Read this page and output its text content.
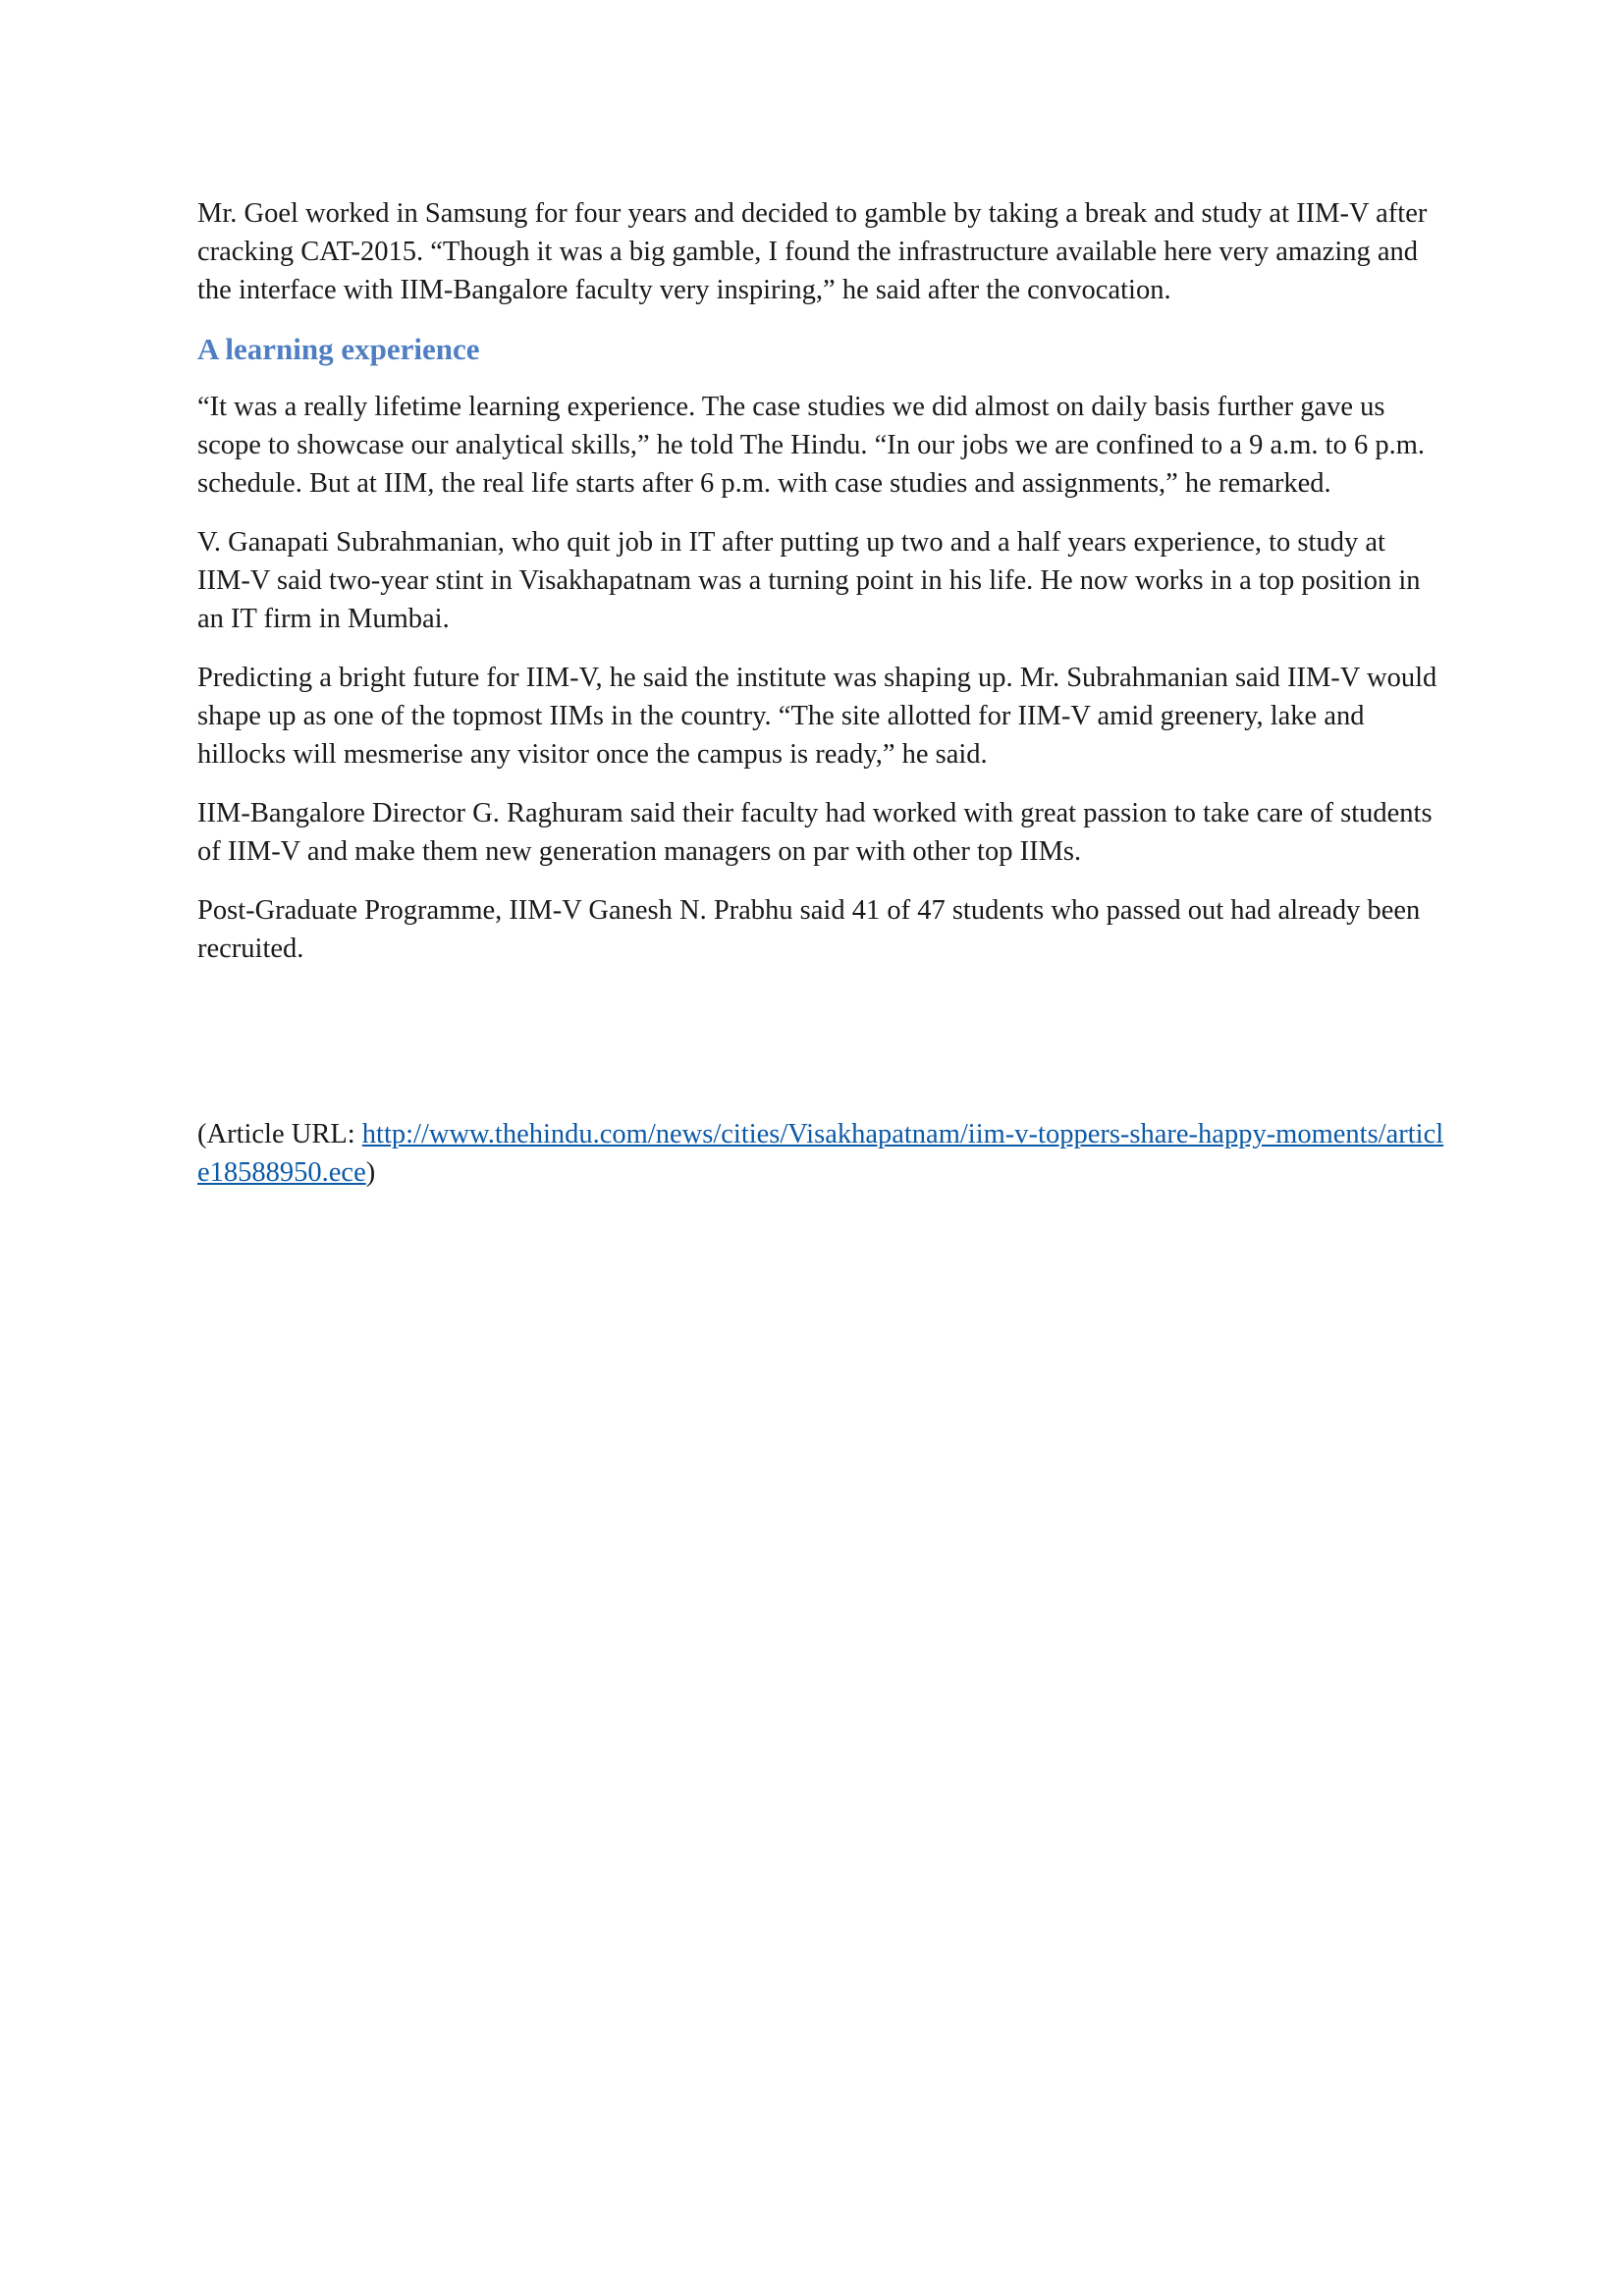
Mr. Goel worked in Samsung for four years and decided to gamble by taking a break and study at IIM-V after cracking CAT-2015. “Though it was a big gamble, I found the infrastructure available here very amazing and the interface with IIM-Bangalore faculty very inspiring,” he said after the convocation.

A learning experience

“It was a really lifetime learning experience. The case studies we did almost on daily basis further gave us scope to showcase our analytical skills,” he told The Hindu. “In our jobs we are confined to a 9 a.m. to 6 p.m. schedule. But at IIM, the real life starts after 6 p.m. with case studies and assignments,” he remarked.

V. Ganapati Subrahmanian, who quit job in IT after putting up two and a half years experience, to study at IIM-V said two-year stint in Visakhapatnam was a turning point in his life. He now works in a top position in an IT firm in Mumbai.

Predicting a bright future for IIM-V, he said the institute was shaping up. Mr. Subrahmanian said IIM-V would shape up as one of the topmost IIMs in the country. “The site allotted for IIM-V amid greenery, lake and hillocks will mesmerise any visitor once the campus is ready,” he said.

IIM-Bangalore Director G. Raghuram said their faculty had worked with great passion to take care of students of IIM-V and make them new generation managers on par with other top IIMs.

Post-Graduate Programme, IIM-V Ganesh N. Prabhu said 41 of 47 students who passed out had already been recruited.

(Article URL: http://www.thehindu.com/news/cities/Visakhapatnam/iim-v-toppers-share-happy-moments/article18588950.ece)
